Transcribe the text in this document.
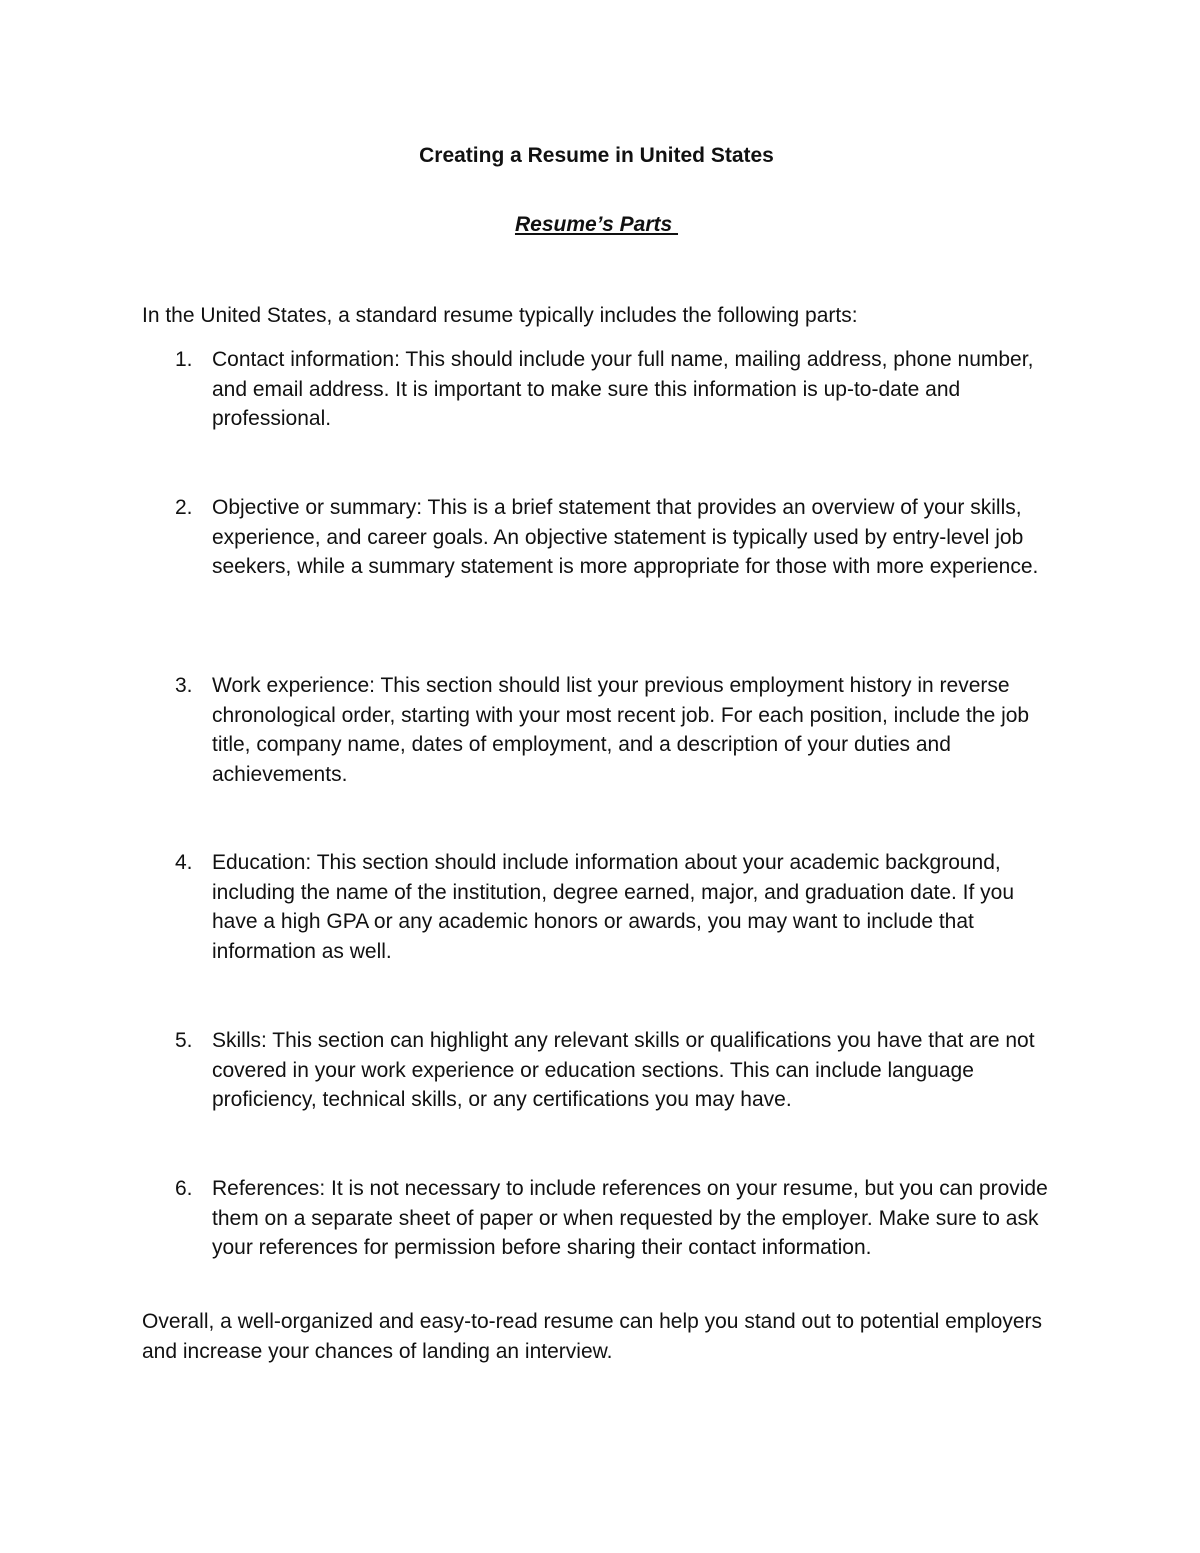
Creating a Resume in United States
Resume’s Parts

In the United States, a standard resume typically includes the following parts:

1. Contact information: This should include your full name, mailing address, phone number, and email address. It is important to make sure this information is up-to-date and professional.
2. Objective or summary: This is a brief statement that provides an overview of your skills, experience, and career goals. An objective statement is typically used by entry-level job seekers, while a summary statement is more appropriate for those with more experience.
3. Work experience: This section should list your previous employment history in reverse chronological order, starting with your most recent job. For each position, include the job title, company name, dates of employment, and a description of your duties and achievements.
4. Education: This section should include information about your academic background, including the name of the institution, degree earned, major, and graduation date. If you have a high GPA or any academic honors or awards, you may want to include that information as well.
5. Skills: This section can highlight any relevant skills or qualifications you have that are not covered in your work experience or education sections. This can include language proficiency, technical skills, or any certifications you may have.
6. References: It is not necessary to include references on your resume, but you can provide them on a separate sheet of paper or when requested by the employer. Make sure to ask your references for permission before sharing their contact information.

Overall, a well-organized and easy-to-read resume can help you stand out to potential employers and increase your chances of landing an interview.
